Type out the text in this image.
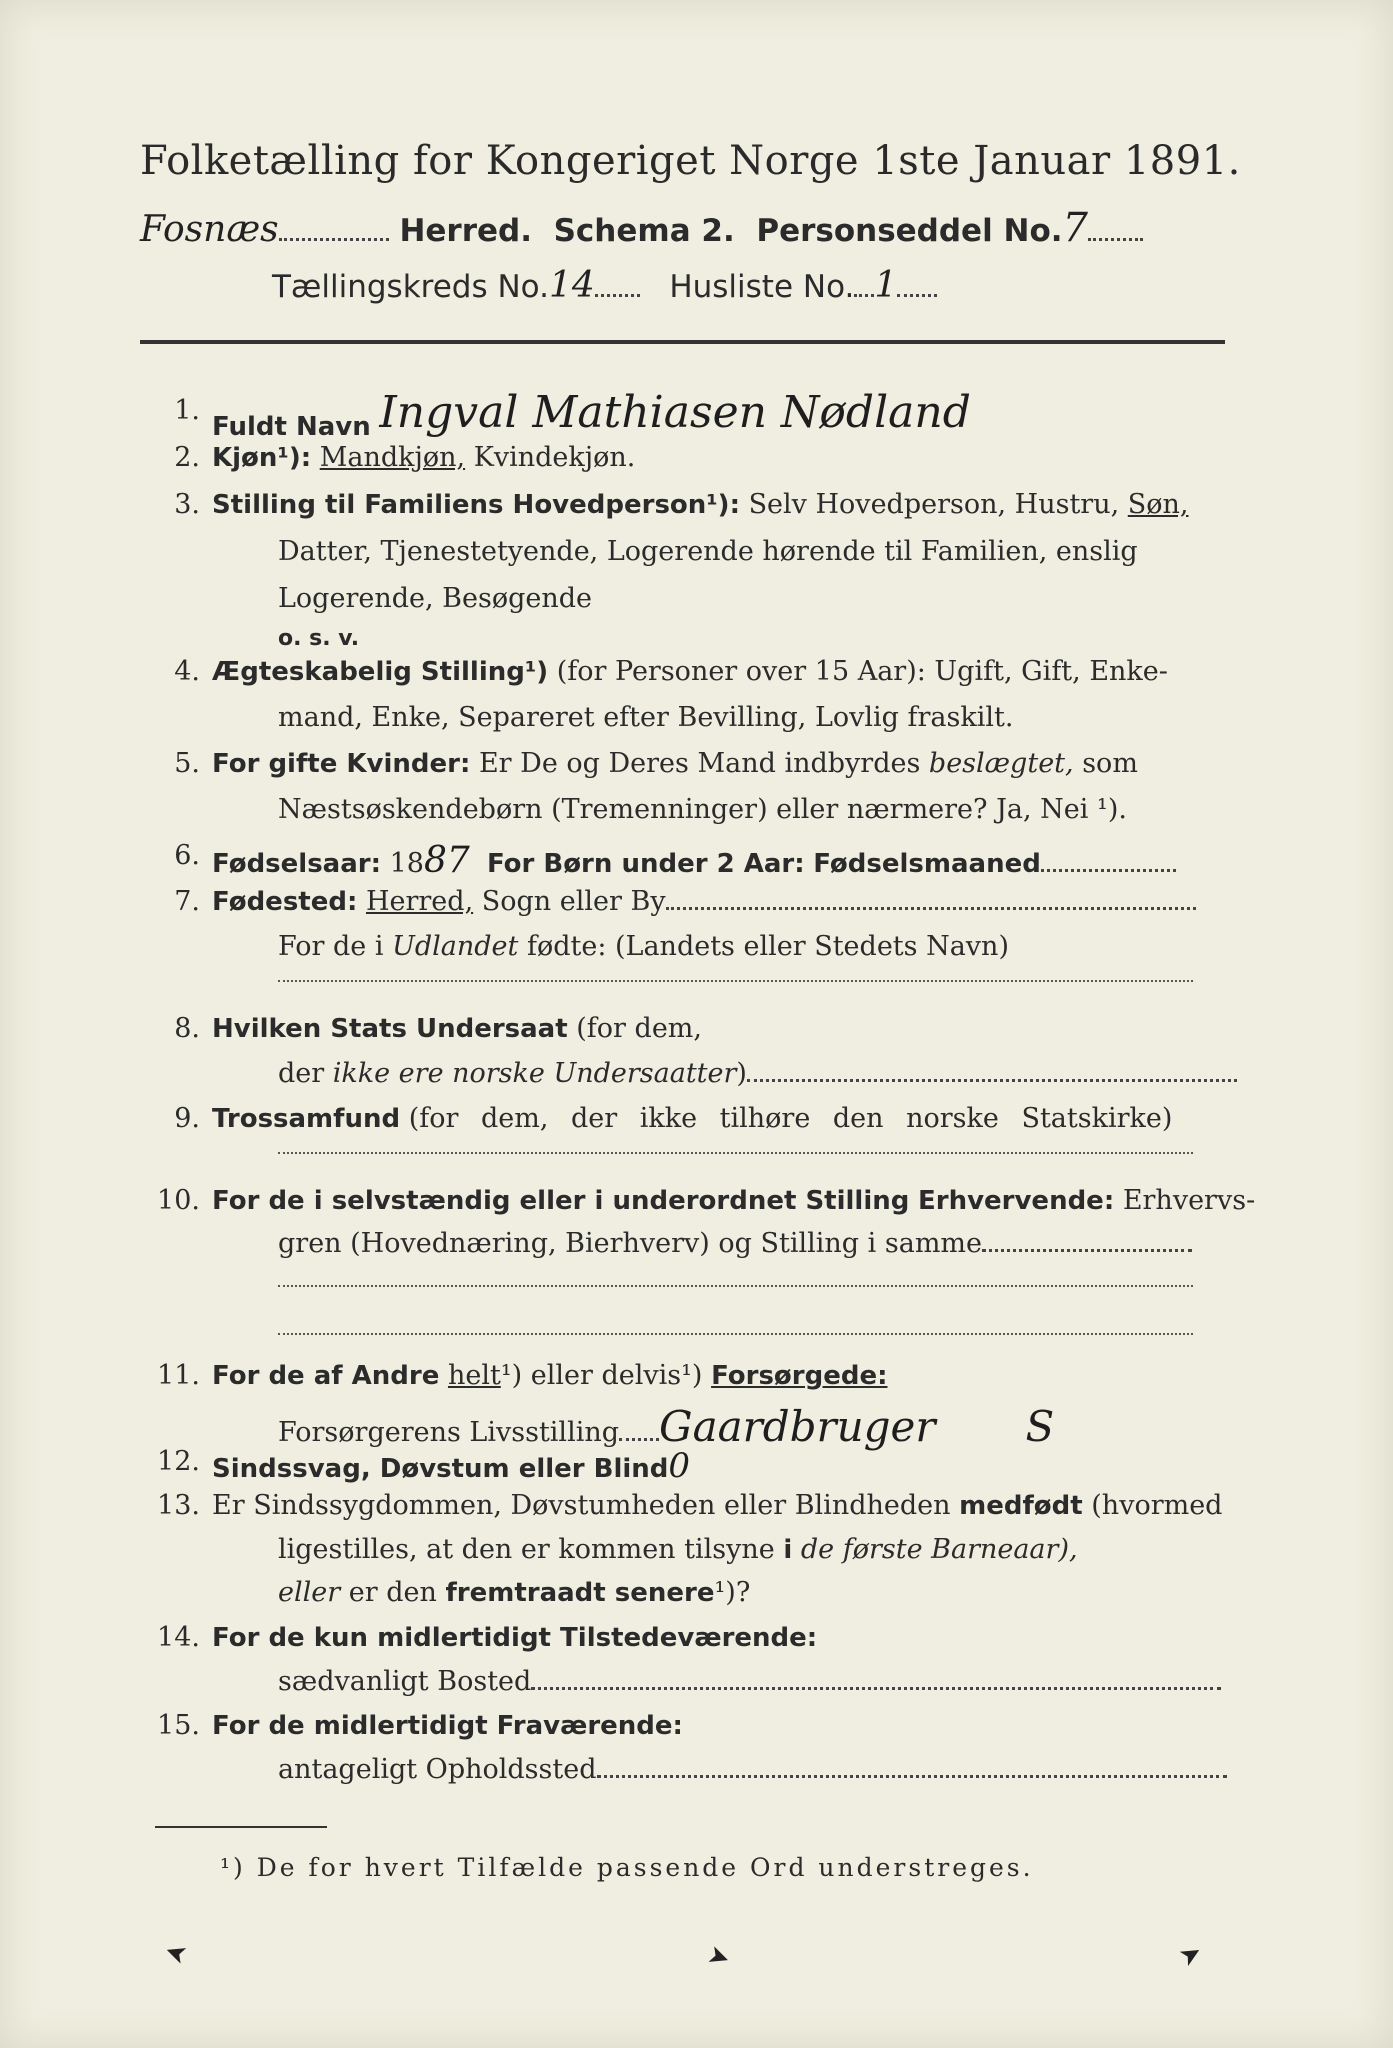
Folketælling for Kongeriget Norge 1ste Januar 1891.
Fosnæs	Herred. Schema 2. Personseddel No.7
Tællingskreds No.14 Husliste No. 1
1.
Fuldt Navn Ingval Mathiasen Nødland
2. Kjøn¹): Mandkjøn, Kvindekjøn.
3. Stilling til Familiens Hovedperson¹): Selv Hovedperson, Hustru, Søn,
Datter, Tjenestetyende, Logerende hørende til Familien, enslig
Logerende, Besøgende
o. s. v.
4. Ægteskabelig Stilling¹) (for Personer over 15 Aar): Ugift, Gift, Enke-
mand, Enke, Separeret efter Bevilling, Lovlig fraskilt.
5. For gifte Kvinder: Er De og Deres Mand indbyrdes beslægtet, som
Næstsøskendebørn (Tremenninger) eller nærmere? Ja, Nei ¹).
6. Fødselsaar: 1887 For Børn under 2 Aar: Fødselsmaaned
7. Fødested: Herred, Sogn eller By
For de i Udlandet fødte: (Landets eller Stedets Navn)
8. Hvilken Stats Undersaat (for dem,
der ikke ere norske Undersaatter)
9. Trossamfund (for dem, der ikke tilhøre den norske Statskirke)
10. For de i selvstændig eller i underordnet Stilling Erhvervende: Erhvervs-
gren (Hovednæring, Bierhverv) og Stilling i samme
11. For de af Andre helt¹) eller delvis¹) Forsørgede:
Forsørgerens Livsstilling Gaardbruger S
12. Sindssvag, Døvstum eller Blind0
13. Er Sindssygdommen, Døvstumheden eller Blindheden medfødt (hvormed
ligestilles, at den er kommen tilsyne i de første Barneaar),
eller er den fremtraadt senere¹)?
14. For de kun midlertidigt Tilstedeværende:
sædvanligt Bosted
15. For de midlertidigt Fraværende:
antageligt Opholdssted
¹) De for hvert Tilfælde passende Ord understreges.
➤	➤	➤
